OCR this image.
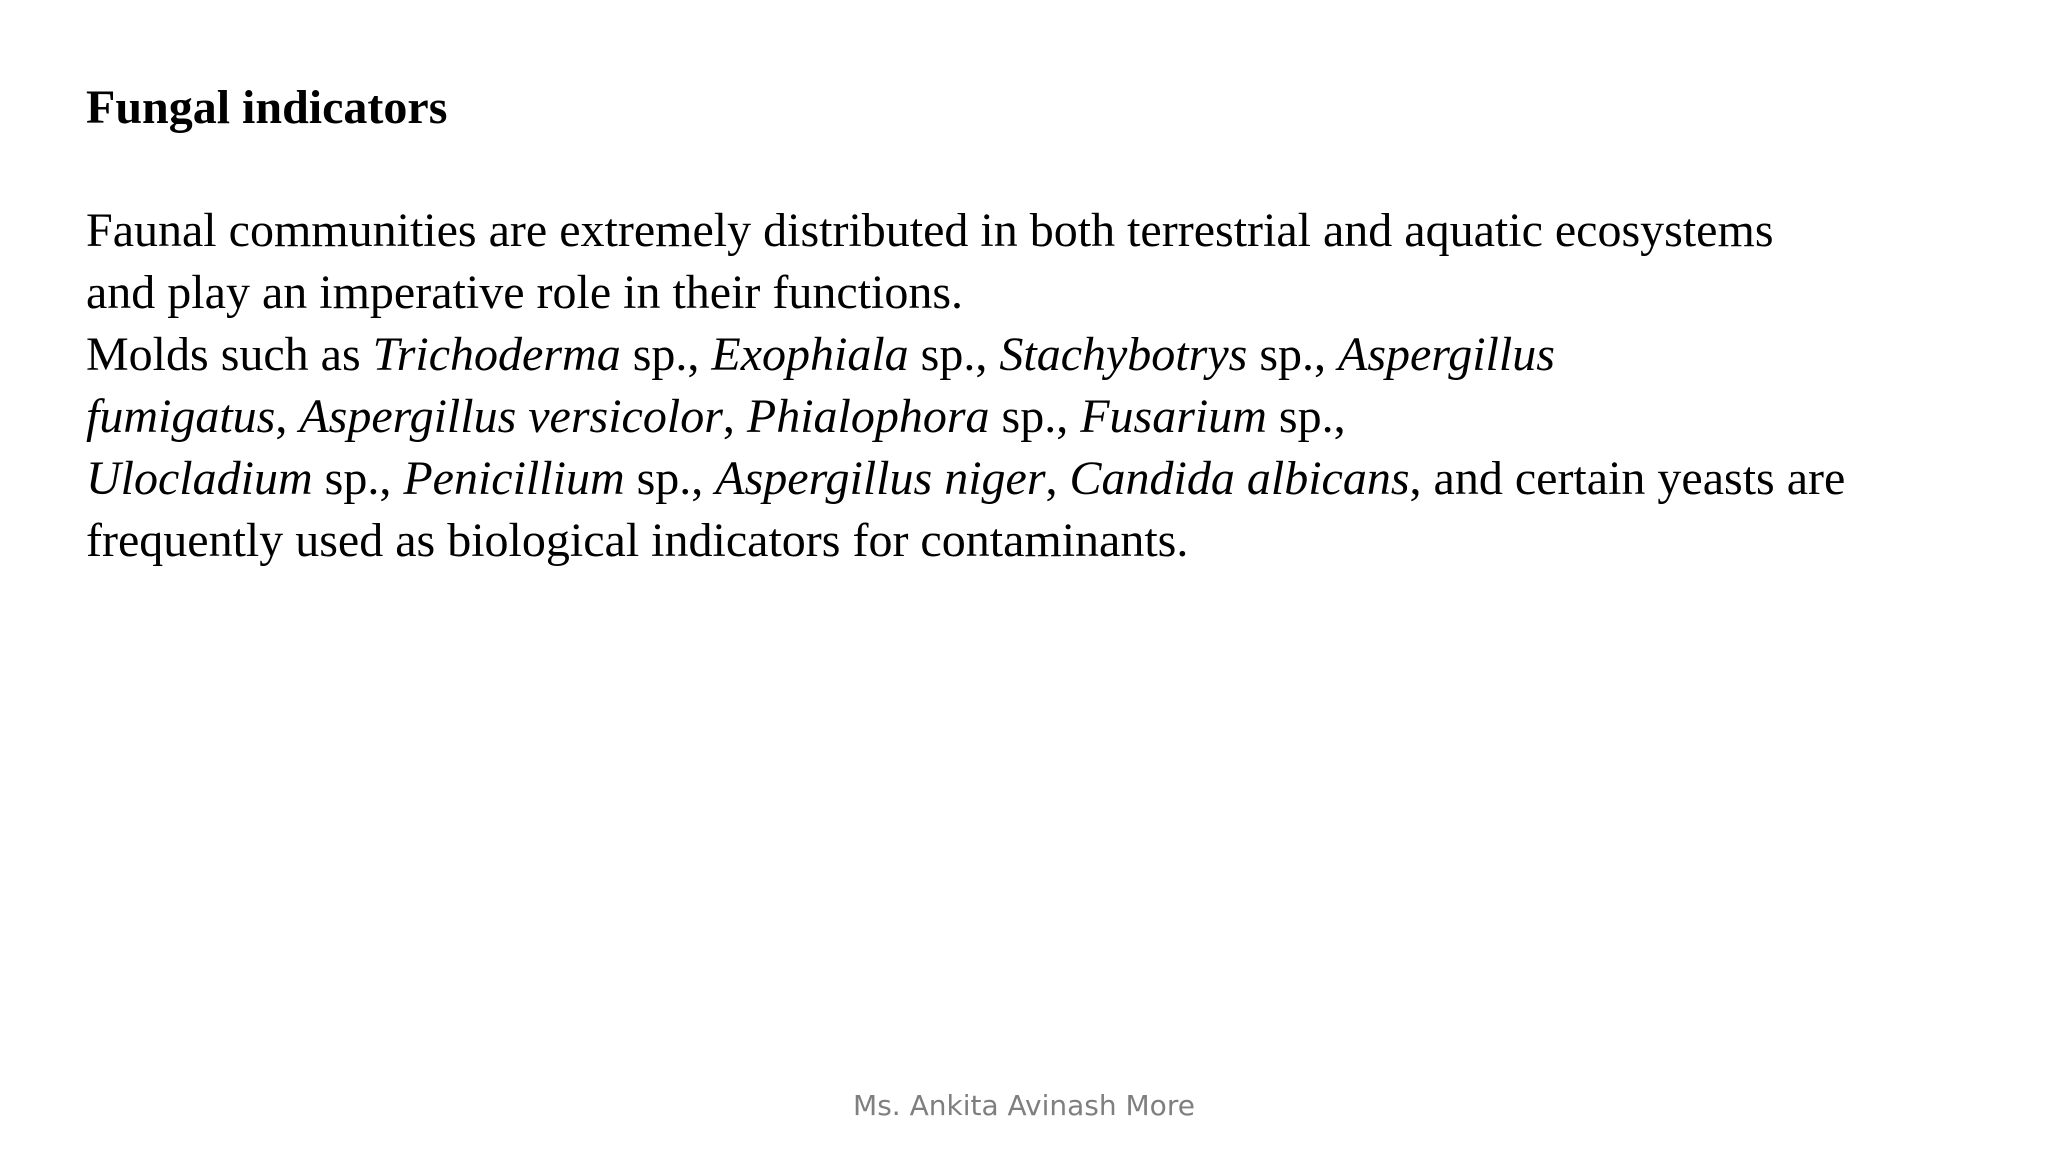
Fungal indicators

Faunal communities are extremely distributed in both terrestrial and aquatic ecosystems

and play an imperative role in their functions.

Molds such as Trichoderma sp., Exophiala sp., Stachybotrys sp., Aspergillus

fumigatus, Aspergillus versicolor, Phialophora sp., Fusarium sp.,

Ulocladium sp., Penicillium sp., Aspergillus niger, Candida albicans, and certain yeasts are

frequently used as biological indicators for contaminants.

Ms. Ankita Avinash More
